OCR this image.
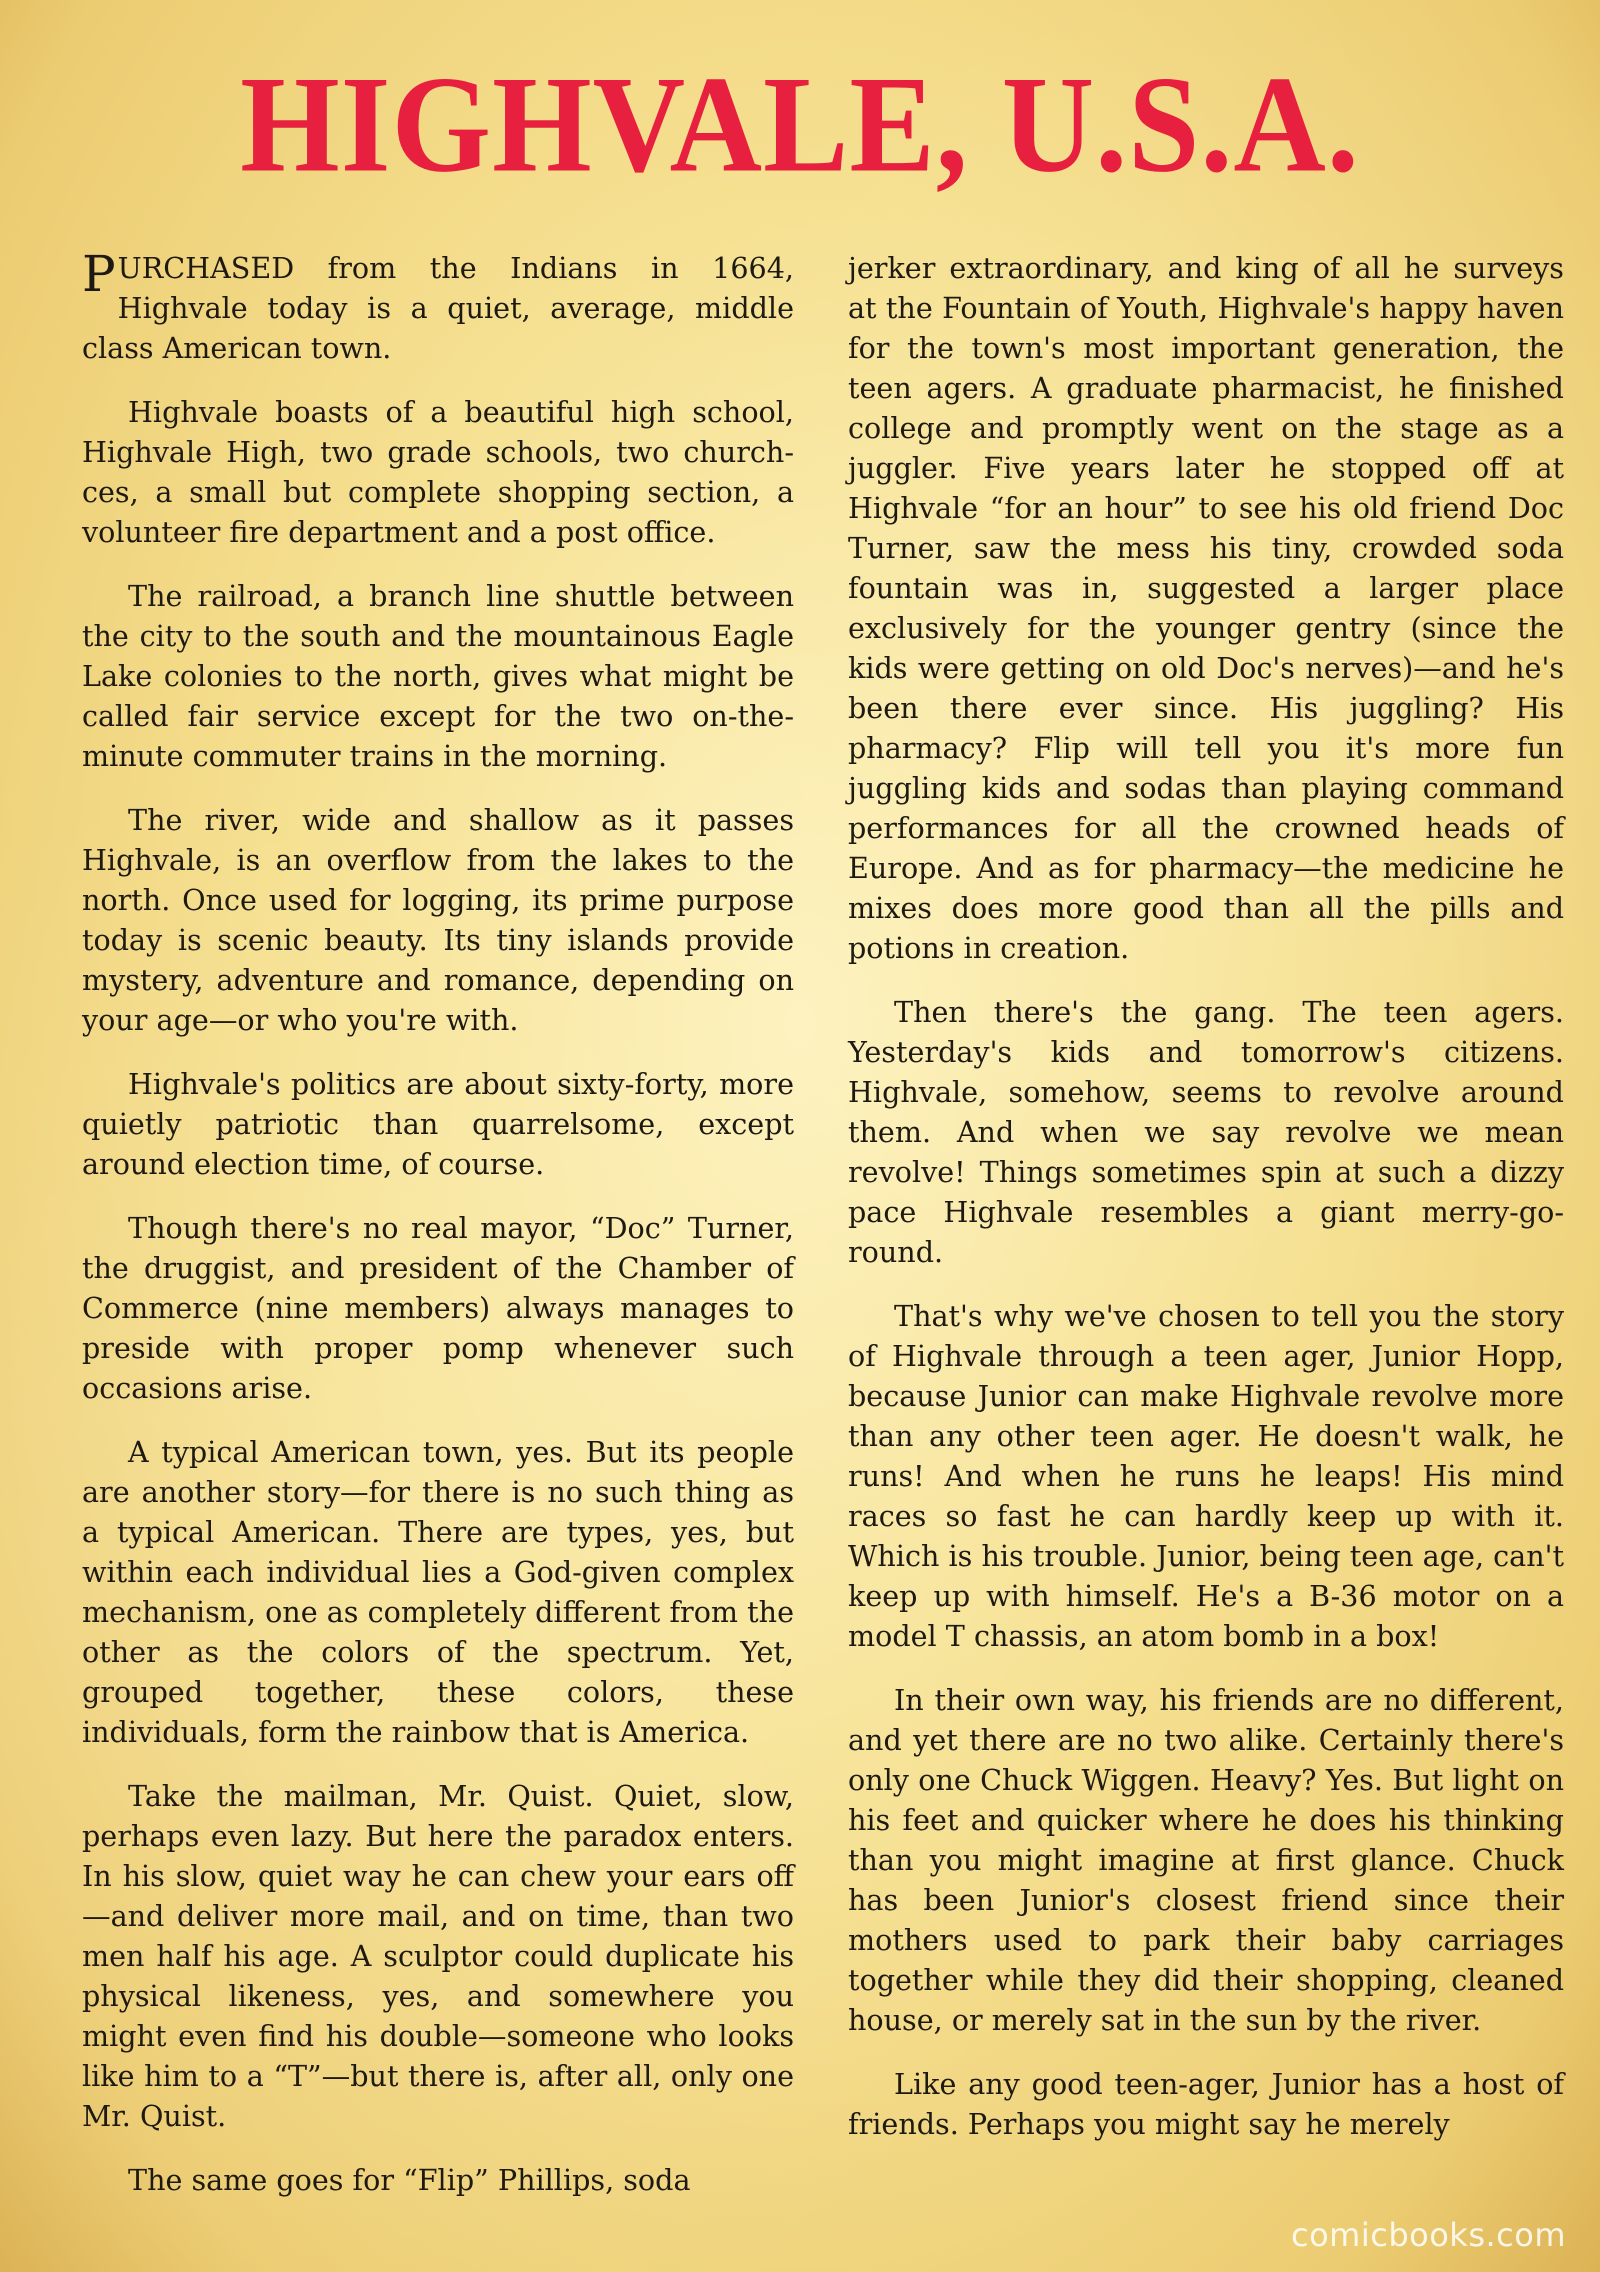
HIGHVALE, U.S.A.

PURCHASED from the Indians in 1664, Highvale today is a quiet, average, middle class American town.

Highvale boasts of a beautiful high school, Highvale High, two grade schools, two churchces, a small but complete shopping section, a volunteer fire department and a post office.

The railroad, a branch line shuttle between the city to the south and the mountainous Eagle Lake colonies to the north, gives what might be called fair service except for the two on-the-minute commuter trains in the morning.

The river, wide and shallow as it passes Highvale, is an overflow from the lakes to the north. Once used for logging, its prime purpose today is scenic beauty. Its tiny islands provide mystery, adventure and romance, depending on your age—or who you're with.

Highvale's politics are about sixty-forty, more quietly patriotic than quarrelsome, except around election time, of course.

Though there's no real mayor, “Doc” Turner, the druggist, and president of the Chamber of Commerce (nine members) always manages to preside with proper pomp whenever such occasions arise.

A typical American town, yes. But its people are another story—for there is no such thing as a typical American. There are types, yes, but within each individual lies a God-given complex mechanism, one as completely different from the other as the colors of the spectrum. Yet, grouped together, these colors, these individuals, form the rainbow that is America.

Take the mailman, Mr. Quist. Quiet, slow, perhaps even lazy. But here the paradox enters. In his slow, quiet way he can chew your ears off—and deliver more mail, and on time, than two men half his age. A sculptor could duplicate his physical likeness, yes, and somewhere you might even find his double—someone who looks like him to a “T”—but there is, after all, only one Mr. Quist.

The same goes for “Flip” Phillips, soda

jerker extraordinary, and king of all he surveys at the Fountain of Youth, Highvale's happy haven for the town's most important generation, the teen agers. A graduate pharmacist, he finished college and promptly went on the stage as a juggler. Five years later he stopped off at Highvale “for an hour” to see his old friend Doc Turner, saw the mess his tiny, crowded soda fountain was in, suggested a larger place exclusively for the younger gentry (since the kids were getting on old Doc's nerves)—and he's been there ever since. His juggling? His pharmacy? Flip will tell you it's more fun juggling kids and sodas than playing command performances for all the crowned heads of Europe. And as for pharmacy—the medicine he mixes does more good than all the pills and potions in creation.

Then there's the gang. The teen agers. Yesterday's kids and tomorrow's citizens. Highvale, somehow, seems to revolve around them. And when we say revolve we mean revolve! Things sometimes spin at such a dizzy pace Highvale resembles a giant merry-go-round.

That's why we've chosen to tell you the story of Highvale through a teen ager, Junior Hopp, because Junior can make Highvale revolve more than any other teen ager. He doesn't walk, he runs! And when he runs he leaps! His mind races so fast he can hardly keep up with it. Which is his trouble. Junior, being teen age, can't keep up with himself. He's a B-36 motor on a model T chassis, an atom bomb in a box!

In their own way, his friends are no different, and yet there are no two alike. Certainly there's only one Chuck Wiggen. Heavy? Yes. But light on his feet and quicker where he does his thinking than you might imagine at first glance. Chuck has been Junior's closest friend since their mothers used to park their baby carriages together while they did their shopping, cleaned house, or merely sat in the sun by the river.

Like any good teen-ager, Junior has a host of friends. Perhaps you might say he merely

comicbooks.com
